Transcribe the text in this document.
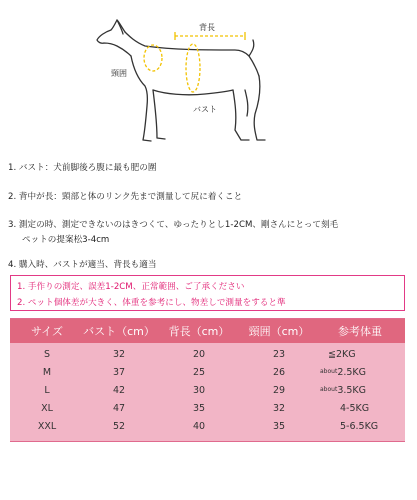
背長
頸囲
バスト
1. バスト：犬前脚後ろ腹に最も肥の圍
2. 背中が長：頸部と体のリンク先まで測量して尻に着くこと
3. 測定の時、測定できないのはきつくて、ゆったりとし1-2CM、剛さんにとって刻毛
ペットの提案松3-4cm
4. 購入時、バストが適当、背長も適当
1. 手作りの測定、誤差1-2CM、正常範囲、ご了承ください
2. ペット個体差が大きく、体重を参考にし、物差しで測量をすると準
サイズ	バスト（cm）	背長（cm）	頸囲（cm）	参考体重
S	32	20	23	≦2KG
M	37	25	26	$^{about}$2.5KG
L	42	30	29	$^{about}$3.5KG
XL	47	35	32	4-5KG
XXL	52	40	35	5-6.5KG
